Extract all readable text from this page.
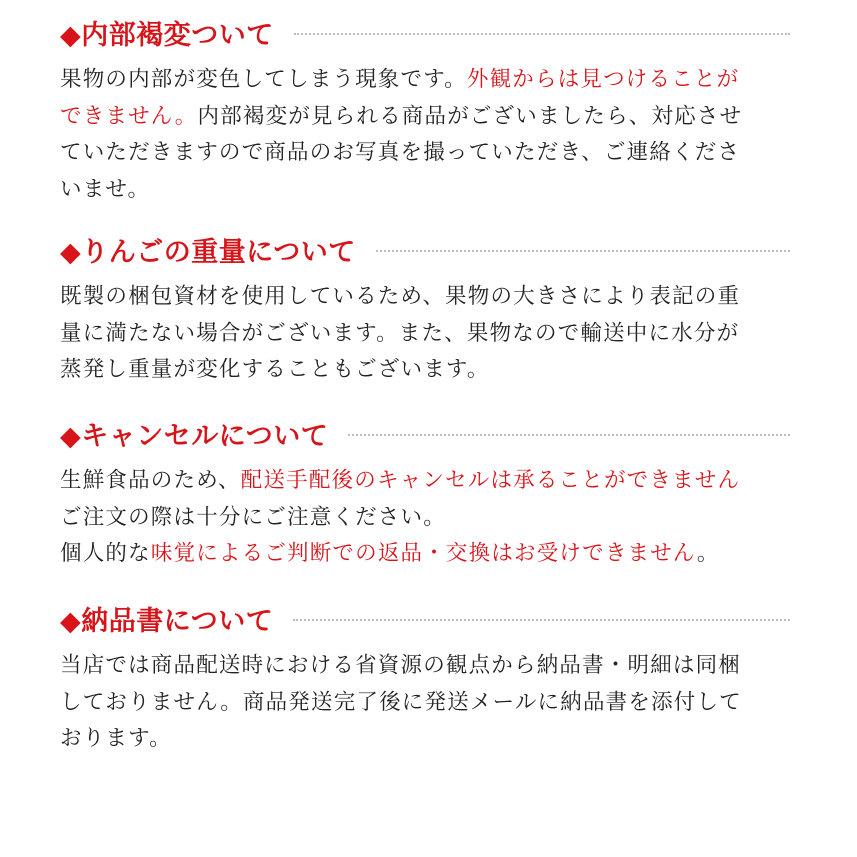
◆内部褐変ついて
果物の内部が変色してしまう現象です。外観からは見つけることが
できません。内部褐変が見られる商品がございましたら、対応させ
ていただきますので商品のお写真を撮っていただき、ご連絡くださ
いませ。
◆りんごの重量について
既製の梱包資材を使用しているため、果物の大きさにより表記の重
量に満たない場合がございます。また、果物なので輸送中に水分が
蒸発し重量が変化することもございます。
◆キャンセルについて
生鮮食品のため、配送手配後のキャンセルは承ることができません
ご注文の際は十分にご注意ください。
個人的な味覚によるご判断での返品・交換はお受けできません。
◆納品書について
当店では商品配送時における省資源の観点から納品書・明細は同梱
しておりません。商品発送完了後に発送メールに納品書を添付して
おります。
